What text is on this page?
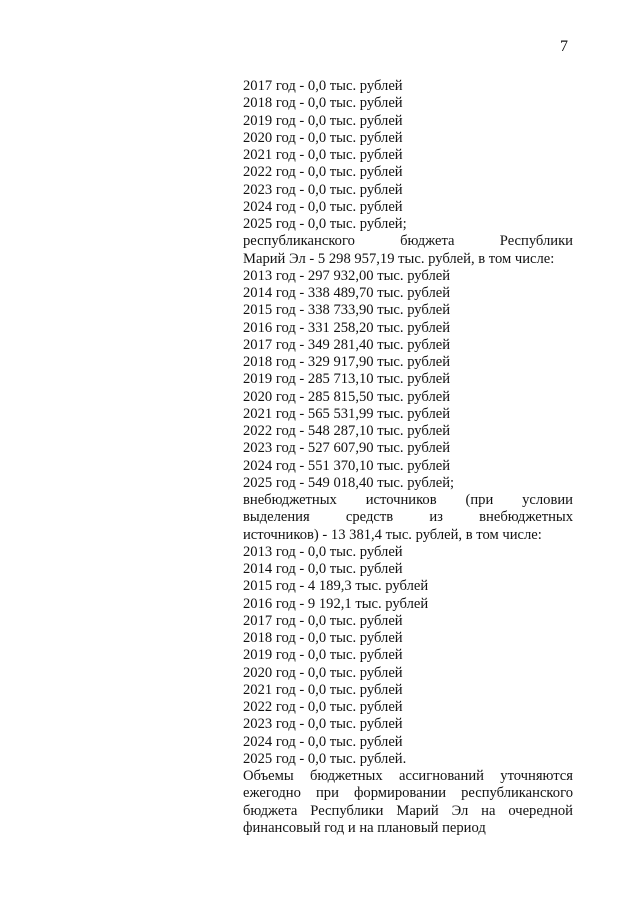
7
2017 год - 0,0 тыс. рублей
2018 год - 0,0 тыс. рублей
2019 год - 0,0 тыс. рублей
2020 год - 0,0 тыс. рублей
2021 год - 0,0 тыс. рублей
2022 год - 0,0 тыс. рублей
2023 год - 0,0 тыс. рублей
2024 год - 0,0 тыс. рублей
2025 год - 0,0 тыс. рублей;
республиканского бюджета Республики
Марий Эл - 5 298 957,19 тыс. рублей, в том числе:
2013 год - 297 932,00 тыс. рублей
2014 год - 338 489,70 тыс. рублей
2015 год - 338 733,90 тыс. рублей
2016 год - 331 258,20 тыс. рублей
2017 год - 349 281,40 тыс. рублей
2018 год - 329 917,90 тыс. рублей
2019 год - 285 713,10 тыс. рублей
2020 год - 285 815,50 тыс. рублей
2021 год - 565 531,99 тыс. рублей
2022 год - 548 287,10 тыс. рублей
2023 год - 527 607,90 тыс. рублей
2024 год - 551 370,10 тыс. рублей
2025 год - 549 018,40 тыс. рублей;
внебюджетных источников (при условии
выделения средств из внебюджетных
источников) - 13 381,4 тыс. рублей, в том числе:
2013 год - 0,0 тыс. рублей
2014 год - 0,0 тыс. рублей
2015 год - 4 189,3 тыс. рублей
2016 год - 9 192,1 тыс. рублей
2017 год - 0,0 тыс. рублей
2018 год - 0,0 тыс. рублей
2019 год - 0,0 тыс. рублей
2020 год - 0,0 тыс. рублей
2021 год - 0,0 тыс. рублей
2022 год - 0,0 тыс. рублей
2023 год - 0,0 тыс. рублей
2024 год - 0,0 тыс. рублей
2025 год - 0,0 тыс. рублей.
Объемы бюджетных ассигнований уточняются
ежегодно при формировании республиканского
бюджета Республики Марий Эл на очередной
финансовый год и на плановый период
